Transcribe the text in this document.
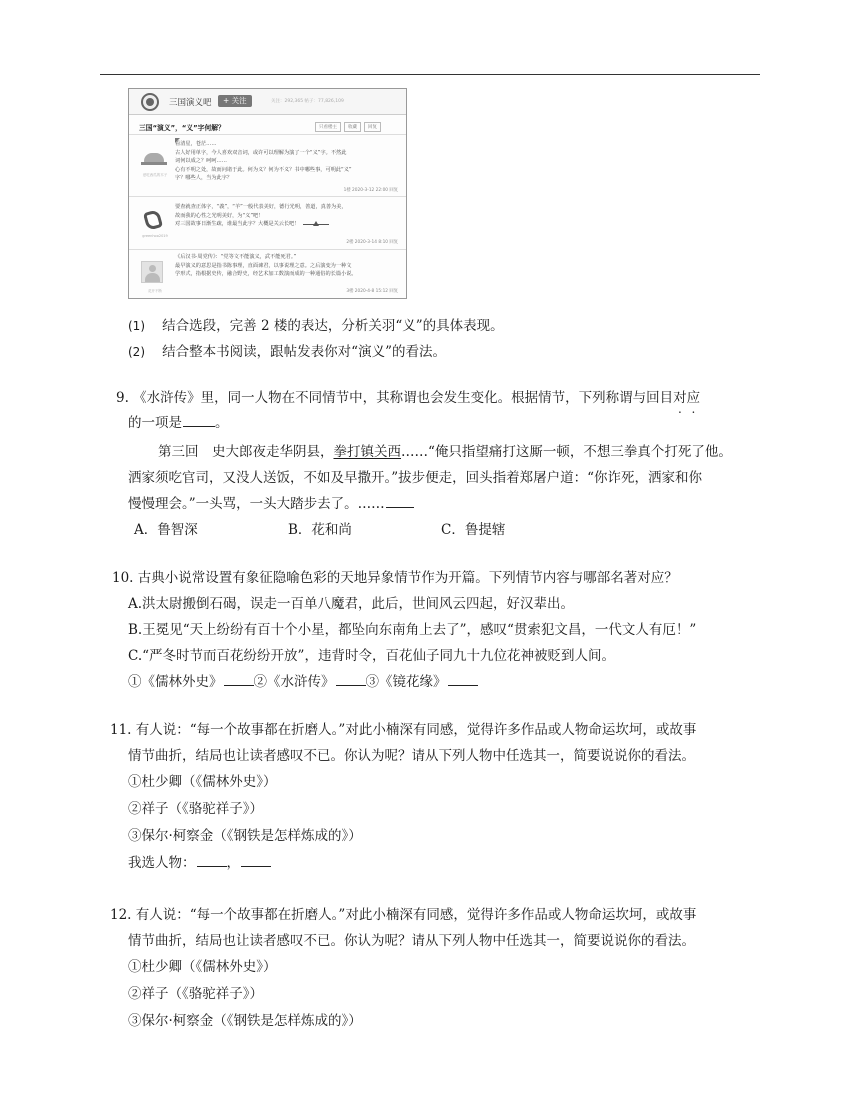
三国演义吧	+ 关注	关注：292,365 帖子：77,826,109
三国“演义”，“义”字何解？	只看楼主 收藏 回复
爱吃西瓜的木子
看清星，苍茫……
古人好用单字，今人喜欢双音词，或许可以理解为演了一个“义”字。不然此
词何以成之？呵呵……
心有不明之处，故而问诸于此。何为义？何为不义？书中哪些事，可明此“义”
字？哪些人，当为此字？
1楼 2020-3-12 22:00 回复
greenhoo2019
要查就查正体字，“義”，“羊”一般代表美好，德行光明，善道，真善为美，
故而我的心性之光明美好，为“义”吧！
对三国故事日渐生疏，谁最当此字？大概是关云长吧！
2楼 2020-3-14 8:10 回复
花开不断
《后汉书·周党传》：“党等文不能演义，武不能死君。”
最早演义的意思是指书陈事理，直面谏君，以事说理之意。之后演变为一种文
学形式，指根据史传，融合野史，经艺术加工数演而成的一种通俗的长篇小说。
3楼 2020-4-8 15:12 回复
(1) 结合选段，完善 2 楼的表达，分析关羽“义”的具体表现。
(2) 结合整本书阅读，跟帖发表你对“演义”的看法。
9. 《水浒传》里，同一人物在不同情节中，其称谓也会发生变化。根据情节，下列称谓与回目对应
的一项是 。
第三回　史大郎夜走华阴县，拳打镇关西……“俺只指望痛打这厮一顿，不想三拳真个打死了他。
洒家须吃官司，又没人送饭，不如及早撒开。”拔步便走，回头指着郑屠户道：“你诈死，洒家和你
慢慢理会。”一头骂，一头大踏步去了。……
A．鲁智深	B．花和尚	C．鲁提辖
10. 古典小说常设置有象征隐喻色彩的天地异象情节作为开篇。下列情节内容与哪部名著对应？
A.洪太尉搬倒石碣，误走一百单八魔君，此后，世间风云四起，好汉辈出。
B.王冕见“天上纷纷有百十个小星，都坠向东南角上去了”，感叹“贯索犯文昌，一代文人有厄！”
C.“严冬时节而百花纷纷开放”，违背时令，百花仙子同九十九位花神被贬到人间。
①《儒林外史》 ②《水浒传》 ③《镜花缘》
11. 有人说：“每一个故事都在折磨人。”对此小楠深有同感，觉得许多作品或人物命运坎坷，或故事
情节曲折，结局也让读者感叹不已。你认为呢？请从下列人物中任选其一，简要说说你的看法。
①杜少卿（《儒林外史》）
②祥子（《骆驼祥子》）
③保尔·柯察金（《钢铁是怎样炼成的》）
我选人物： ，
12. 有人说：“每一个故事都在折磨人。”对此小楠深有同感，觉得许多作品或人物命运坎坷，或故事
情节曲折，结局也让读者感叹不已。你认为呢？请从下列人物中任选其一，简要说说你的看法。
①杜少卿（《儒林外史》）
②祥子（《骆驼祥子》）
③保尔·柯察金（《钢铁是怎样炼成的》）
